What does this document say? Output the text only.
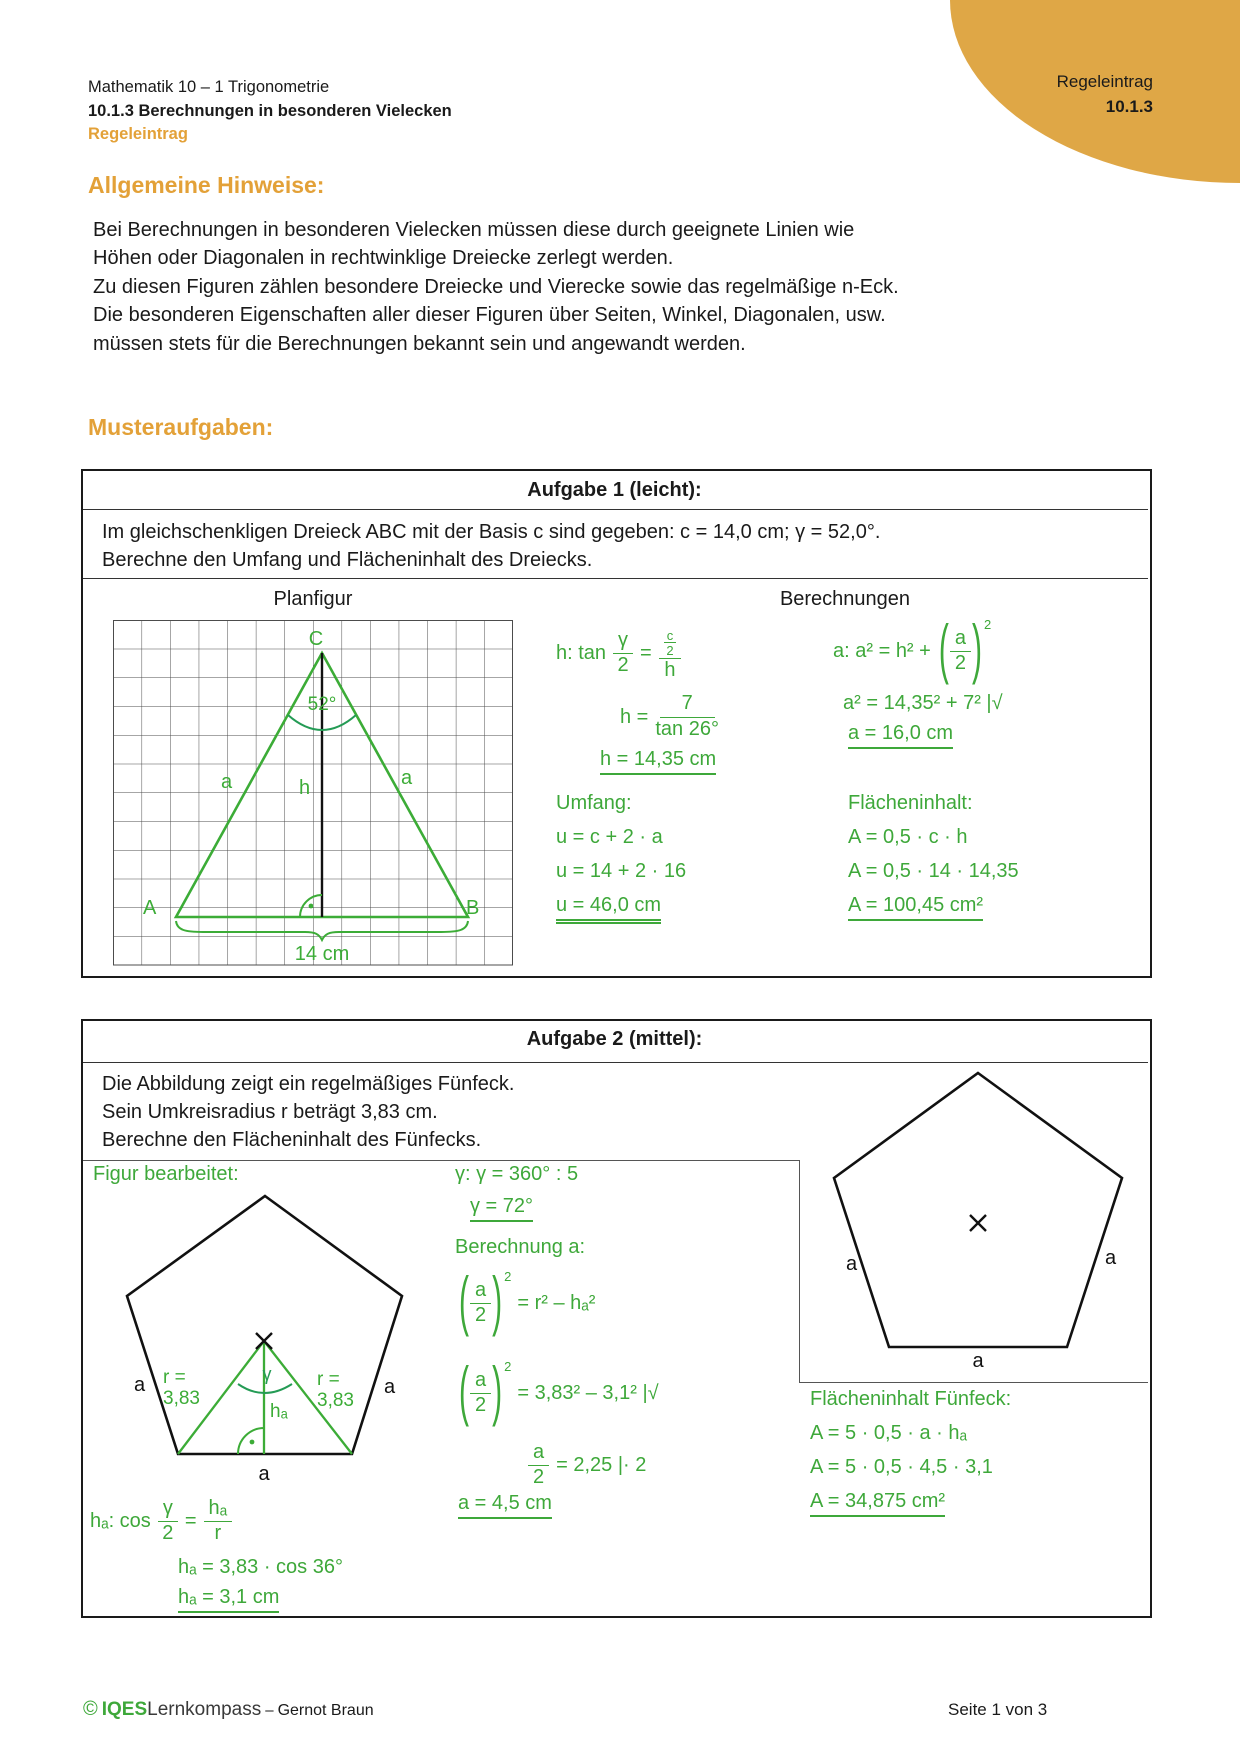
Regeleintrag
10.1.3
Mathematik 10 – 1 Trigonometrie
10.1.3 Berechnungen in besonderen Vielecken
Regeleintrag
Allgemeine Hinweise:
Bei Berechnungen in besonderen Vielecken müssen diese durch geeignete Linien wie
Höhen oder Diagonalen in rechtwinklige Dreiecke zerlegt werden.
Zu diesen Figuren zählen besondere Dreiecke und Vierecke sowie das regelmäßige n-Eck.
Die besonderen Eigenschaften aller dieser Figuren über Seiten, Winkel, Diagonalen, usw.
müssen stets für die Berechnungen bekannt sein und angewandt werden.
Musteraufgaben:
Aufgabe 1 (leicht):
Im gleichschenkligen Dreieck ABC mit der Basis c sind gegeben: c = 14,0 cm; γ = 52,0°.
Berechne den Umfang und Flächeninhalt des Dreiecks.
Planfigur	Berechnungen
C
52°
a	h	a
A	B
14 cm
h: $\tan \frac{\gamma}{2} = \frac{\frac{c}{2}}{h}$	a: a² = h² + ( $\frac{a}{2}$ ) 2
$h = \frac{7}{\tan 26^\circ}$	a² = 14,35² + 7² |√
a = 16,0 cm
h = 14,35 cm
Umfang:
u = c + 2 · a
u = 14 + 2 · 16
u = 46,0 cm
Flächeninhalt:
A = 0,5 · c · h
A = 0,5 · 14 · 14,35
A = 100,45 cm²
Aufgabe 2 (mittel):
Die Abbildung zeigt ein regelmäßiges Fünfeck.
Sein Umkreisradius r beträgt 3,83 cm.
Berechne den Flächeninhalt des Fünfecks.
a	a
a
Figur bearbeitet:
γ
hₐ
r =
3,83
r =
3,83
a	a
a
γ: γ = 360° : 5
γ = 72°
Berechnung a:
( $\frac{a}{2}$ ) 2
= r² – hₐ²
( $\frac{a}{2}$ ) 2
= 3,83² – 3,1² |√
$\frac{a}{2} = 2,25$ |· 2
a = 4,5 cm
hₐ: $\cos \frac{\gamma}{2} = \frac{\text{hₐ}}{r}$
hₐ = 3,83 · cos 36°
hₐ = 3,1 cm
Flächeninhalt Fünfeck:
A = 5 · 0,5 · a · hₐ
A = 5 · 0,5 · 4,5 · 3,1
A = 34,875 cm²
© IQES Lernkompass – Gernot Braun	Seite 1 von 3
